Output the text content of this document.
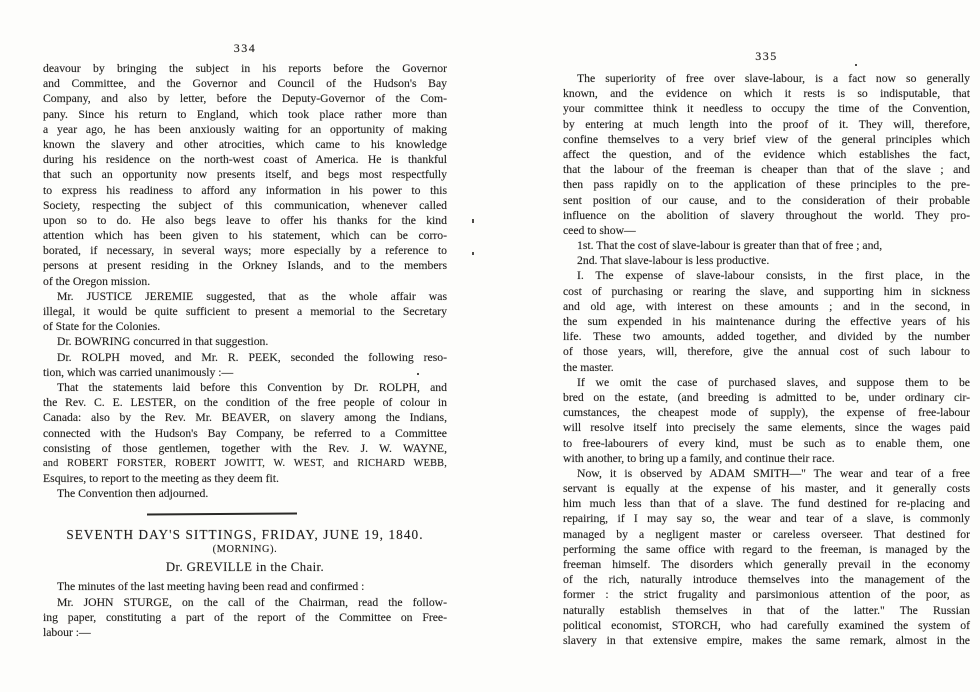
334
335
deavour by bringing the subject in his reports before the Governor
and Committee, and the Governor and Council of the Hudson's Bay
Company, and also by letter, before the Deputy-Governor of the Com-
pany. Since his return to England, which took place rather more than
a year ago, he has been anxiously waiting for an opportunity of making
known the slavery and other atrocities, which came to his knowledge
during his residence on the north-west coast of America. He is thankful
that such an opportunity now presents itself, and begs most respectfully
to express his readiness to afford any information in his power to this
Society, respecting the subject of this communication, whenever called
upon so to do. He also begs leave to offer his thanks for the kind
attention which has been given to his statement, which can be corro-
borated, if necessary, in several ways; more especially by a reference to
persons at present residing in the Orkney Islands, and to the members
of the Oregon mission.
Mr. JUSTICE JEREMIE suggested, that as the whole affair was
illegal, it would be quite sufficient to present a memorial to the Secretary
of State for the Colonies.
Dr. BOWRING concurred in that suggestion.
Dr. ROLPH moved, and Mr. R. PEEK, seconded the following reso-
tion, which was carried unanimously :—
That the statements laid before this Convention by Dr. ROLPH, and
the Rev. C. E. LESTER, on the condition of the free people of colour in
Canada: also by the Rev. Mr. BEAVER, on slavery among the Indians,
connected with the Hudson's Bay Company, be referred to a Committee
consisting of those gentlemen, together with the Rev. J. W. WAYNE,
and ROBERT FORSTER, ROBERT JOWITT, W. WEST, and RICHARD WEBB,
Esquires, to report to the meeting as they deem fit.
The Convention then adjourned.
SEVENTH DAY'S SITTINGS, FRIDAY, JUNE 19, 1840.
(MORNING).
Dr. GREVILLE in the Chair.
The minutes of the last meeting having been read and confirmed :
Mr. JOHN STURGE, on the call of the Chairman, read the follow-
ing paper, constituting a part of the report of the Committee on Free-
labour :—
The superiority of free over slave-labour, is a fact now so generally
known, and the evidence on which it rests is so indisputable, that
your committee think it needless to occupy the time of the Convention,
by entering at much length into the proof of it. They will, therefore,
confine themselves to a very brief view of the general principles which
affect the question, and of the evidence which establishes the fact,
that the labour of the freeman is cheaper than that of the slave ; and
then pass rapidly on to the application of these principles to the pre-
sent position of our cause, and to the consideration of their probable
influence on the abolition of slavery throughout the world. They pro-
ceed to show—
1st. That the cost of slave-labour is greater than that of free ; and,
2nd. That slave-labour is less productive.
I. The expense of slave-labour consists, in the first place, in the
cost of purchasing or rearing the slave, and supporting him in sickness
and old age, with interest on these amounts ; and in the second, in
the sum expended in his maintenance during the effective years of his
life. These two amounts, added together, and divided by the number
of those years, will, therefore, give the annual cost of such labour to
the master.
If we omit the case of purchased slaves, and suppose them to be
bred on the estate, (and breeding is admitted to be, under ordinary cir-
cumstances, the cheapest mode of supply), the expense of free-labour
will resolve itself into precisely the same elements, since the wages paid
to free-labourers of every kind, must be such as to enable them, one
with another, to bring up a family, and continue their race.
Now, it is observed by ADAM SMITH—" The wear and tear of a free
servant is equally at the expense of his master, and it generally costs
him much less than that of a slave. The fund destined for re-placing and
repairing, if I may say so, the wear and tear of a slave, is commonly
managed by a negligent master or careless overseer. That destined for
performing the same office with regard to the freeman, is managed by the
freeman himself. The disorders which generally prevail in the economy
of the rich, naturally introduce themselves into the management of the
former : the strict frugality and parsimonious attention of the poor, as
naturally establish themselves in that of the latter." The Russian
political economist, STORCH, who had carefully examined the system of
slavery in that extensive empire, makes the same remark, almost in the
